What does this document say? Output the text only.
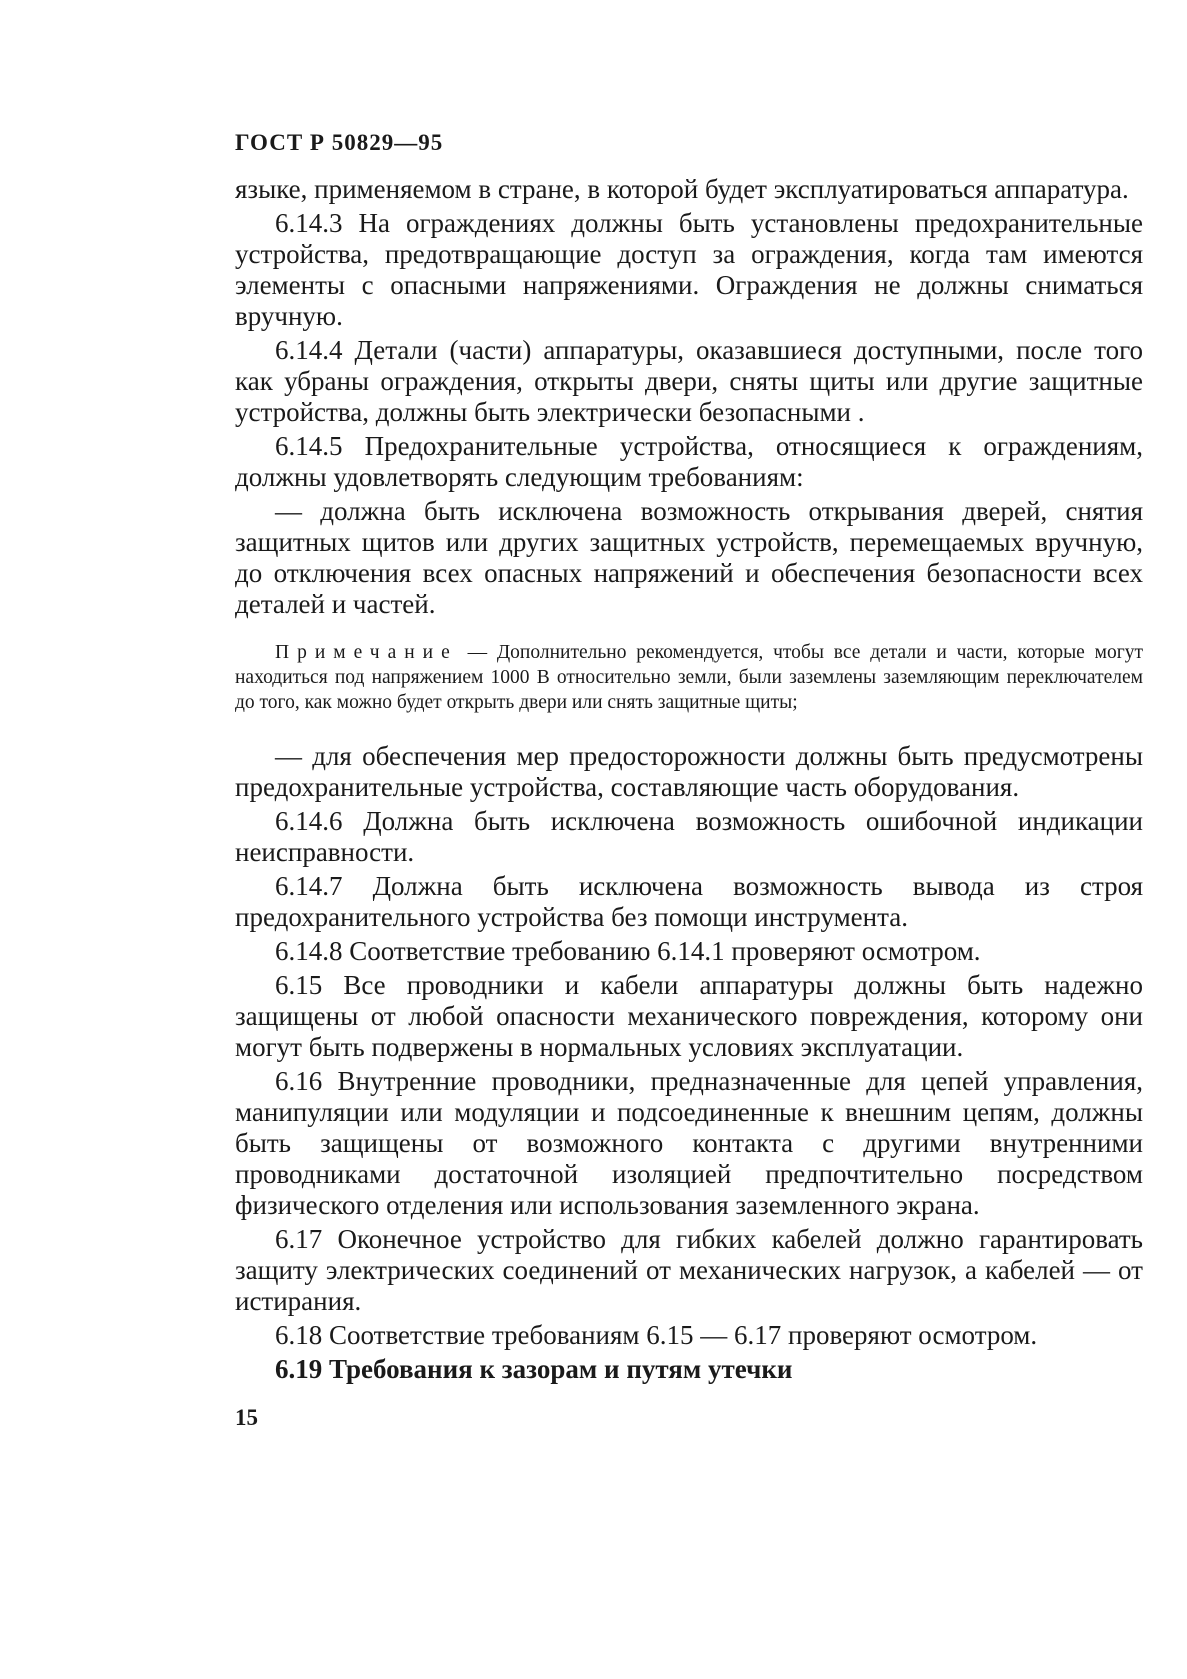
ГОСТ Р 50829—95

языке, применяемом в стране, в которой будет эксплуатироваться аппаратура.

6.14.3 На ограждениях должны быть установлены предохранительные устройства, предотвращающие доступ за ограждения, когда там имеются элементы с опасными напряжениями. Ограждения не должны сниматься вручную.

6.14.4 Детали (части) аппаратуры, оказавшиеся доступными, после того как убраны ограждения, открыты двери, сняты щиты или другие защитные устройства, должны быть электрически безопасными .

6.14.5 Предохранительные устройства, относящиеся к ограждениям, должны удовлетворять следующим требованиям:

— должна быть исключена возможность открывания дверей, снятия защитных щитов или других защитных устройств, перемещаемых вручную, до отключения всех опасных напряжений и обеспечения безопасности всех деталей и частей.

Примечание — Дополнительно рекомендуется, чтобы все детали и части, которые могут находиться под напряжением 1000 В относительно земли, были заземлены заземляющим переключателем до того, как можно будет открыть двери или снять защитные щиты;

— для обеспечения мер предосторожности должны быть предусмотрены предохранительные устройства, составляющие часть оборудования.

6.14.6 Должна быть исключена возможность ошибочной индикации неисправности.

6.14.7 Должна быть исключена возможность вывода из строя предохранительного устройства без помощи инструмента.

6.14.8 Соответствие требованию 6.14.1 проверяют осмотром.

6.15 Все проводники и кабели аппаратуры должны быть надежно защищены от любой опасности механического повреждения, которому они могут быть подвержены в нормальных условиях эксплуатации.

6.16 Внутренние проводники, предназначенные для цепей управления, манипуляции или модуляции и подсоединенные к внешним цепям, должны быть защищены от возможного контакта с другими внутренними проводниками достаточной изоляцией предпочтительно посредством физического отделения или использования заземленного экрана.

6.17 Оконечное устройство для гибких кабелей должно гарантировать защиту электрических соединений от механических нагрузок, а кабелей — от истирания.

6.18 Соответствие требованиям 6.15 — 6.17 проверяют осмотром.

6.19 Требования к зазорам и путям утечки

15
